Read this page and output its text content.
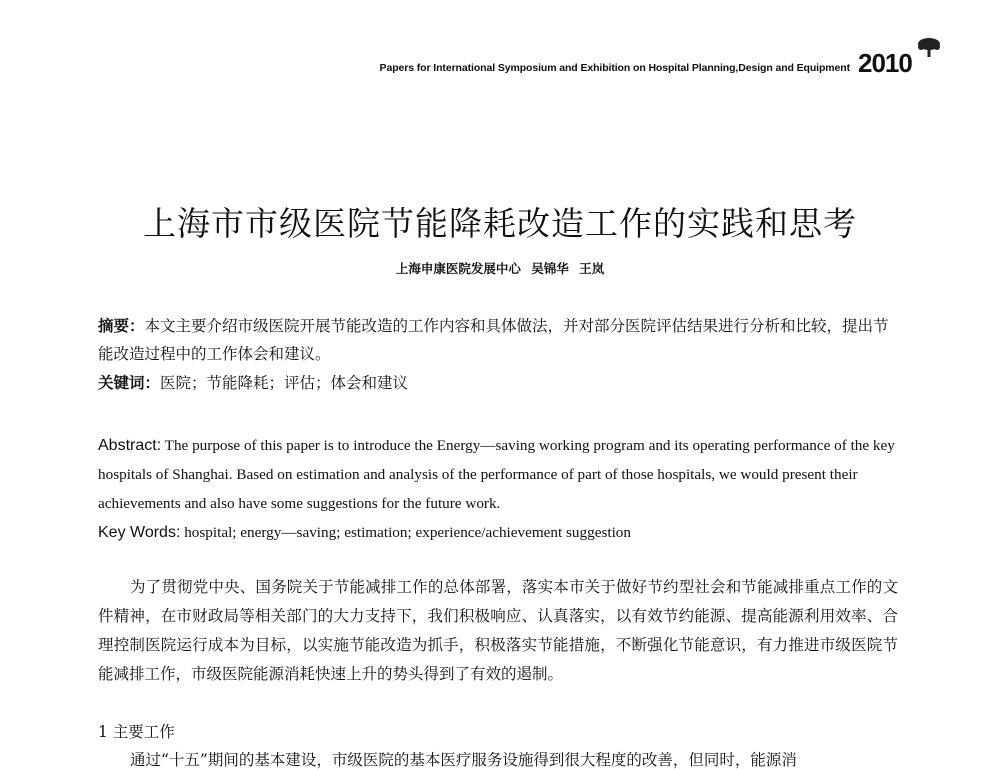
Papers for International Symposium and Exhibition on Hospital Planning,Design and Equipment 2010
上海市市级医院节能降耗改造工作的实践和思考
上海申康医院发展中心 吴锦华 王岚
摘要：本文主要介绍市级医院开展节能改造的工作内容和具体做法，并对部分医院评估结果进行分析和比较，提出节能改造过程中的工作体会和建议。
关键词：医院；节能降耗；评估；体会和建议
Abstract: The purpose of this paper is to introduce the Energy—saving working program and its operating performance of the key hospitals of Shanghai. Based on estimation and analysis of the performance of part of those hospitals, we would present their achievements and also have some suggestions for the future work.
Key Words: hospital; energy—saving; estimation; experience/achievement suggestion
为了贯彻党中央、国务院关于节能减排工作的总体部署，落实本市关于做好节约型社会和节能减排重点工作的文件精神，在市财政局等相关部门的大力支持下，我们积极响应、认真落实，以有效节约能源、提高能源利用效率、合理控制医院运行成本为目标，以实施节能改造为抓手，积极落实节能措施，不断强化节能意识，有力推进市级医院节能减排工作，市级医院能源消耗快速上升的势头得到了有效的遏制。
1 主要工作
通过“十五”期间的基本建设，市级医院的基本医疗服务设施得到很大程度的改善，但同时，能源消
